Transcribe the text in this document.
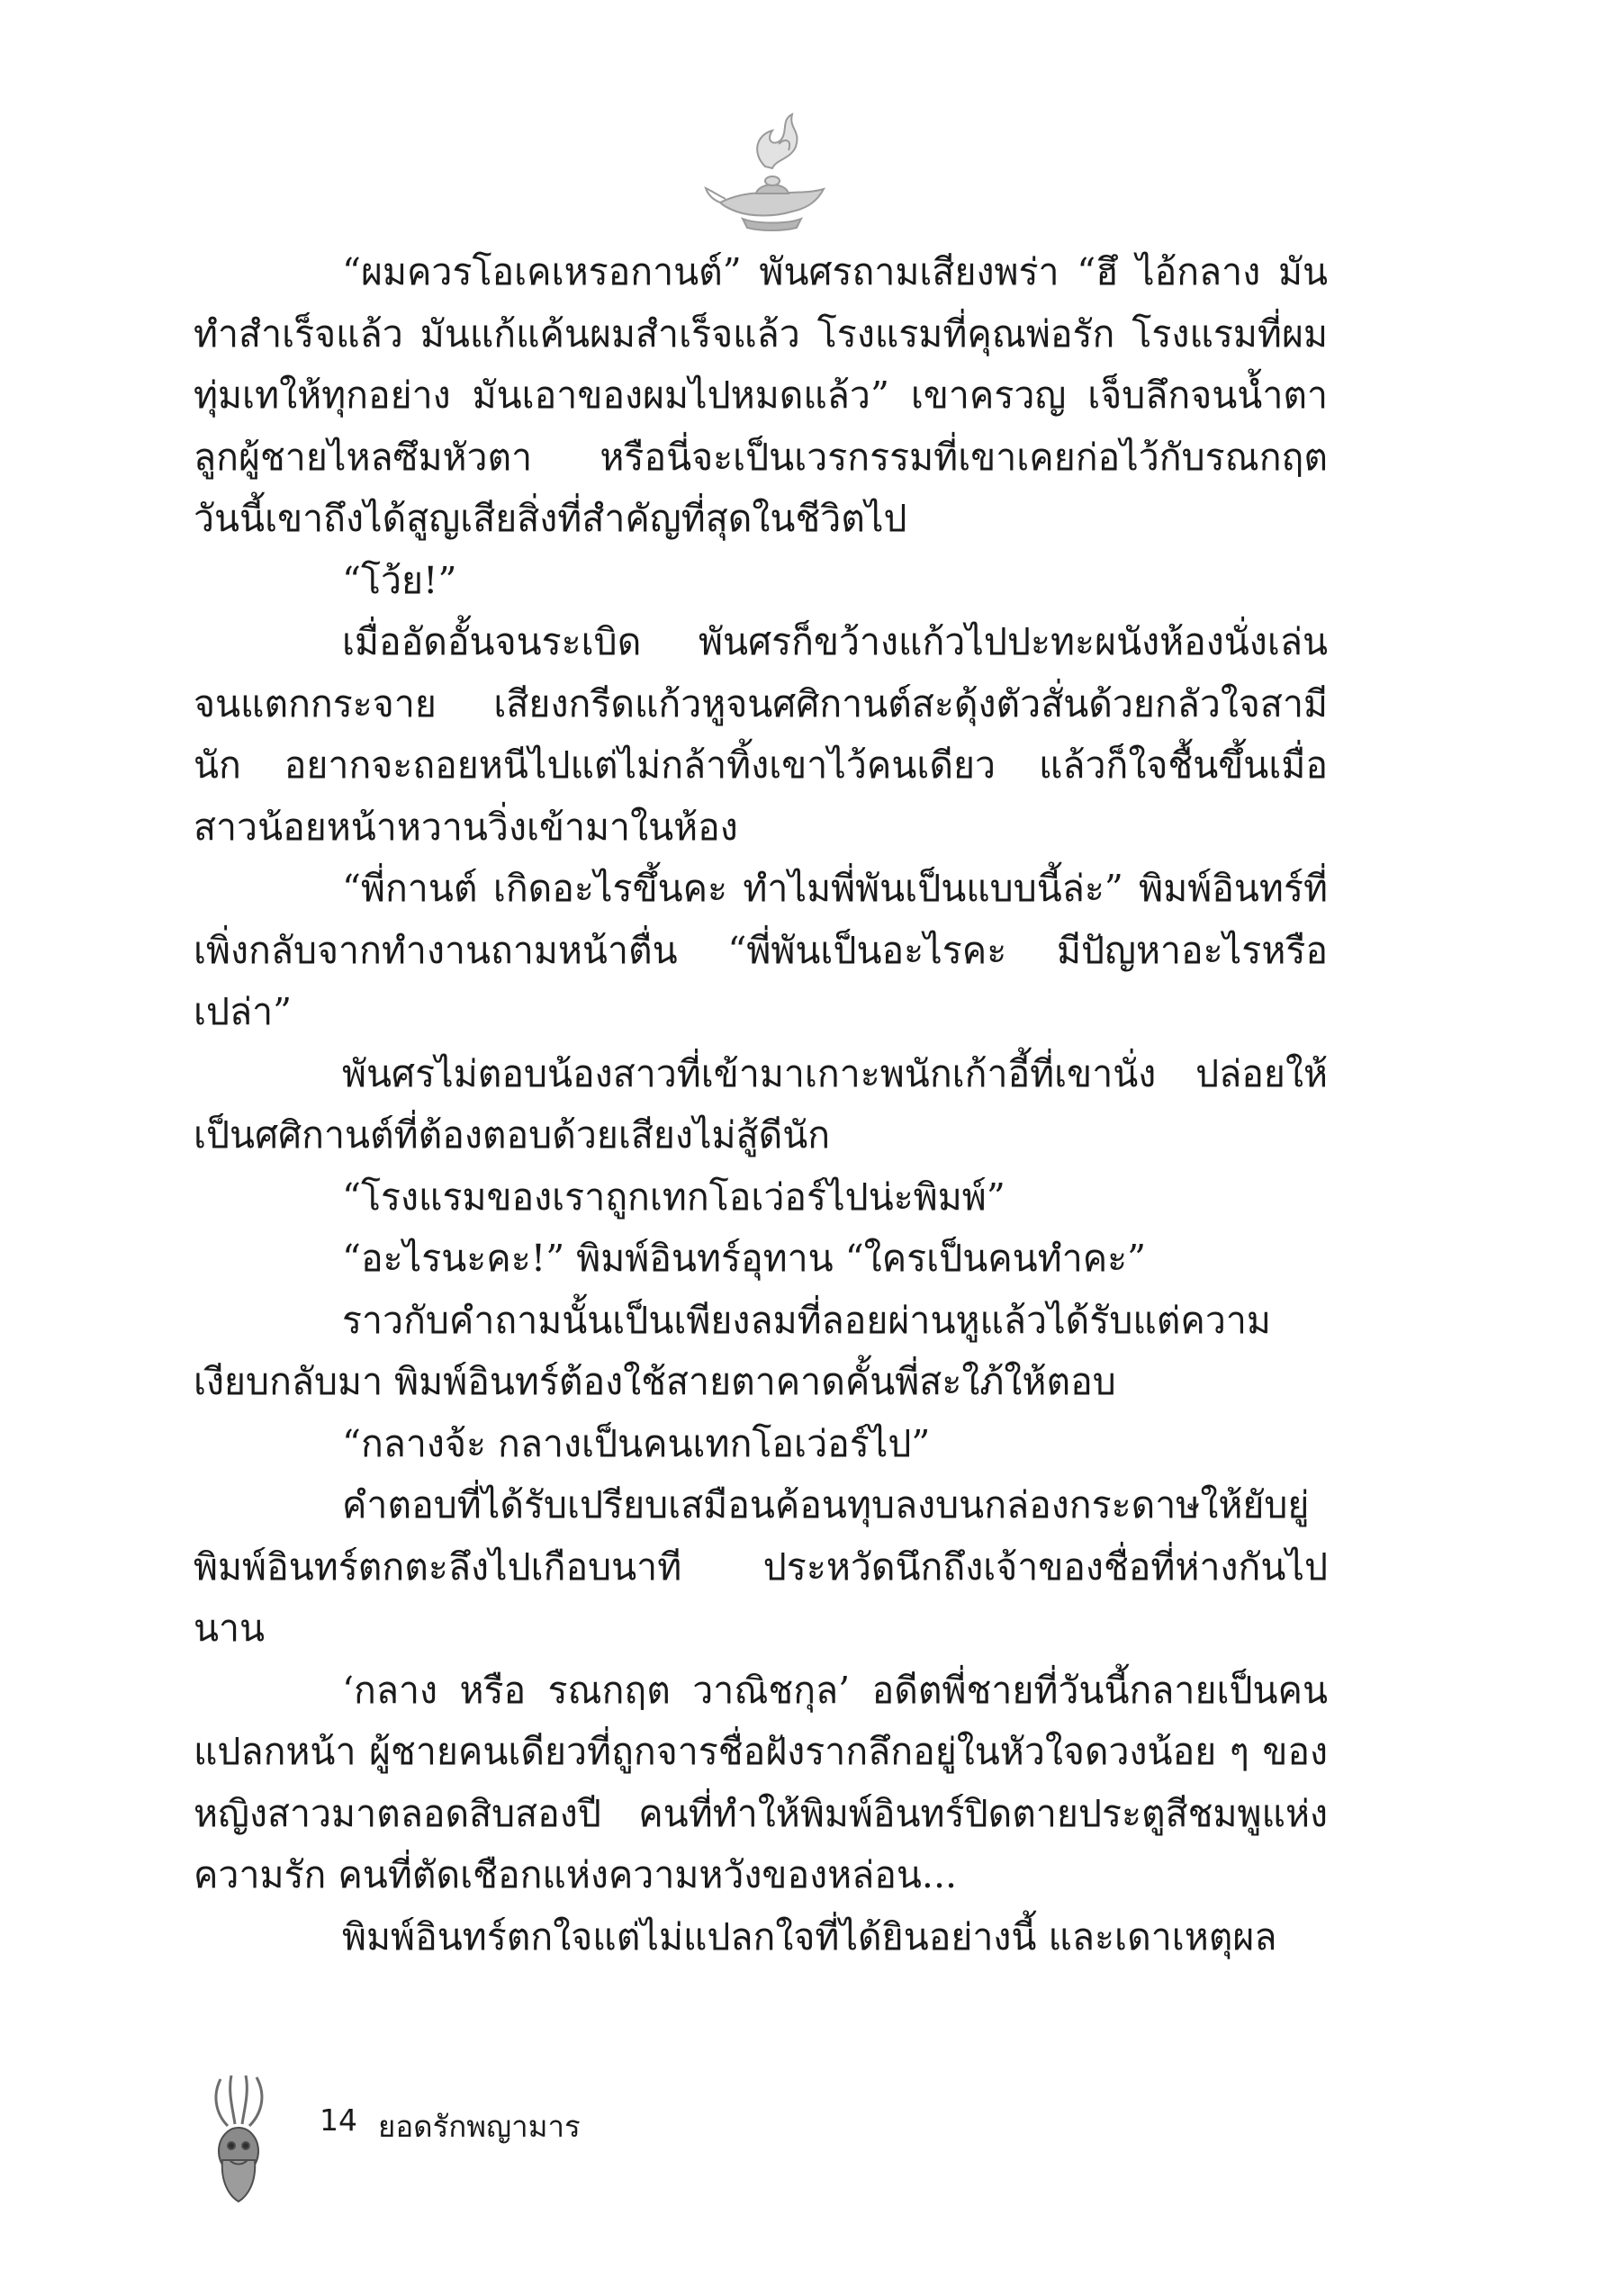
“ผมควรโอเคเหรอกานต์” พันศรถามเสียงพร่า “ฮึ ไอ้กลาง มันทำสำเร็จแล้ว มันแก้แค้นผมสำเร็จแล้ว โรงแรมที่คุณพ่อรัก โรงแรมที่ผมทุ่มเทให้ทุกอย่าง มันเอาของผมไปหมดแล้ว” เขาครวญ เจ็บลึกจนน้ำตาลูกผู้ชายไหลซึมหัวตา หรือนี่จะเป็นเวรกรรมที่เขาเคยก่อไว้กับรณกฤต วันนี้เขาถึงได้สูญเสียสิ่งที่สำคัญที่สุดในชีวิตไป

“โว้ย!”

เมื่ออัดอั้นจนระเบิด พันศรก็ขว้างแก้วไปปะทะผนังห้องนั่งเล่นจนแตกกระจาย เสียงกรีดแก้วหูจนศศิกานต์สะดุ้งตัวสั่นด้วยกลัวใจสามีนัก อยากจะถอยหนีไปแต่ไม่กล้าทิ้งเขาไว้คนเดียว แล้วก็ใจชื้นขึ้นเมื่อสาวน้อยหน้าหวานวิ่งเข้ามาในห้อง

“พี่กานต์ เกิดอะไรขึ้นคะ ทำไมพี่พันเป็นแบบนี้ล่ะ” พิมพ์อินทร์ที่เพิ่งกลับจากทำงานถามหน้าตื่น “พี่พันเป็นอะไรคะ มีปัญหาอะไรหรือเปล่า”

พันศรไม่ตอบน้องสาวที่เข้ามาเกาะพนักเก้าอี้ที่เขานั่ง ปล่อยให้เป็นศศิกานต์ที่ต้องตอบด้วยเสียงไม่สู้ดีนัก

“โรงแรมของเราถูกเทกโอเว่อร์ไปน่ะพิมพ์”

“อะไรนะคะ!” พิมพ์อินทร์อุทาน “ใครเป็นคนทำคะ”

ราวกับคำถามนั้นเป็นเพียงลมที่ลอยผ่านหูแล้วได้รับแต่ความเงียบกลับมา พิมพ์อินทร์ต้องใช้สายตาคาดคั้นพี่สะใภ้ให้ตอบ

“กลางจ้ะ กลางเป็นคนเทกโอเว่อร์ไป”

คำตอบที่ได้รับเปรียบเสมือนค้อนทุบลงบนกล่องกระดาษให้ยับยู่ พิมพ์อินทร์ตกตะลึงไปเกือบนาที ประหวัดนึกถึงเจ้าของชื่อที่ห่างกันไปนาน

‘กลาง หรือ รณกฤต วาณิชกุล’ อดีตพี่ชายที่วันนี้กลายเป็นคนแปลกหน้า ผู้ชายคนเดียวที่ถูกจารชื่อฝังรากลึกอยู่ในหัวใจดวงน้อย ๆ ของหญิงสาวมาตลอดสิบสองปี คนที่ทำให้พิมพ์อินทร์ปิดตายประตูสีชมพูแห่งความรัก คนที่ตัดเชือกแห่งความหวังของหล่อน...

พิมพ์อินทร์ตกใจแต่ไม่แปลกใจที่ได้ยินอย่างนี้ และเดาเหตุผล

14 ยอดรักพญามาร
